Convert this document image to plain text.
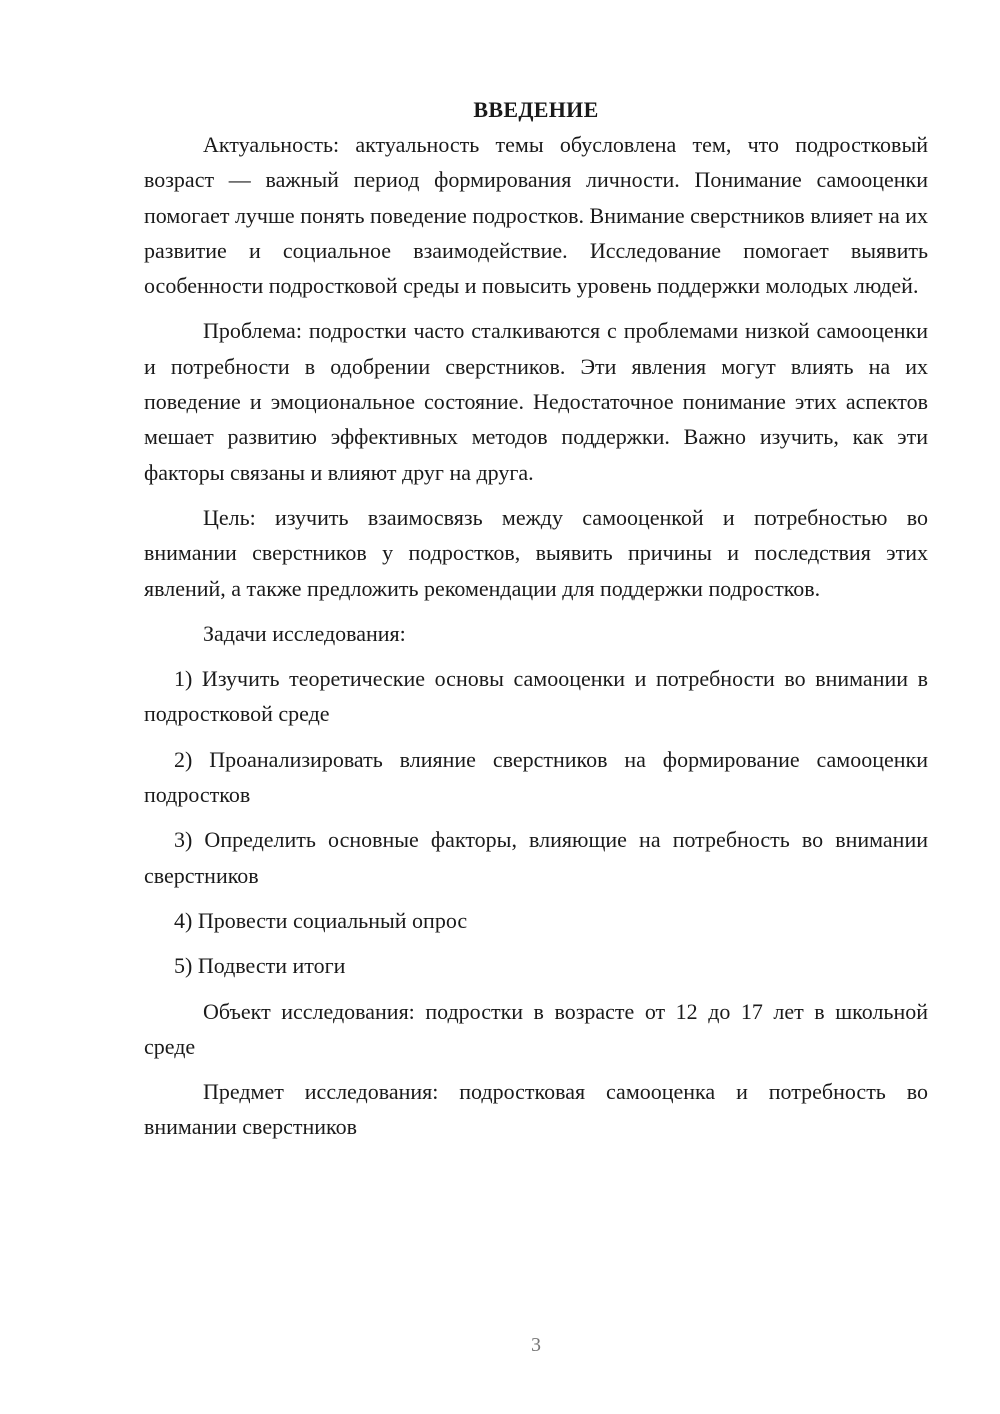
ВВЕДЕНИЕ

Актуальность: актуальность темы обусловлена тем, что подростковый возраст — важный период формирования личности. Понимание самооценки помогает лучше понять поведение подростков. Внимание сверстников влияет на их развитие и социальное взаимодействие. Исследование помогает выявить особенности подростковой среды и повысить уровень поддержки молодых людей.

Проблема: подростки часто сталкиваются с проблемами низкой самооценки и потребности в одобрении сверстников. Эти явления могут влиять на их поведение и эмоциональное состояние. Недостаточное понимание этих аспектов мешает развитию эффективных методов поддержки. Важно изучить, как эти факторы связаны и влияют друг на друга.

Цель: изучить взаимосвязь между самооценкой и потребностью во внимании сверстников у подростков, выявить причины и последствия этих явлений, а также предложить рекомендации для поддержки подростков.

Задачи исследования:

1) Изучить теоретические основы самооценки и потребности во внимании в подростковой среде

2) Проанализировать влияние сверстников на формирование самооценки подростков

3) Определить основные факторы, влияющие на потребность во внимании сверстников

4) Провести социальный опрос

5) Подвести итоги

Объект исследования: подростки в возрасте от 12 до 17 лет в школьной среде

Предмет исследования: подростковая самооценка и потребность во внимании сверстников

3
